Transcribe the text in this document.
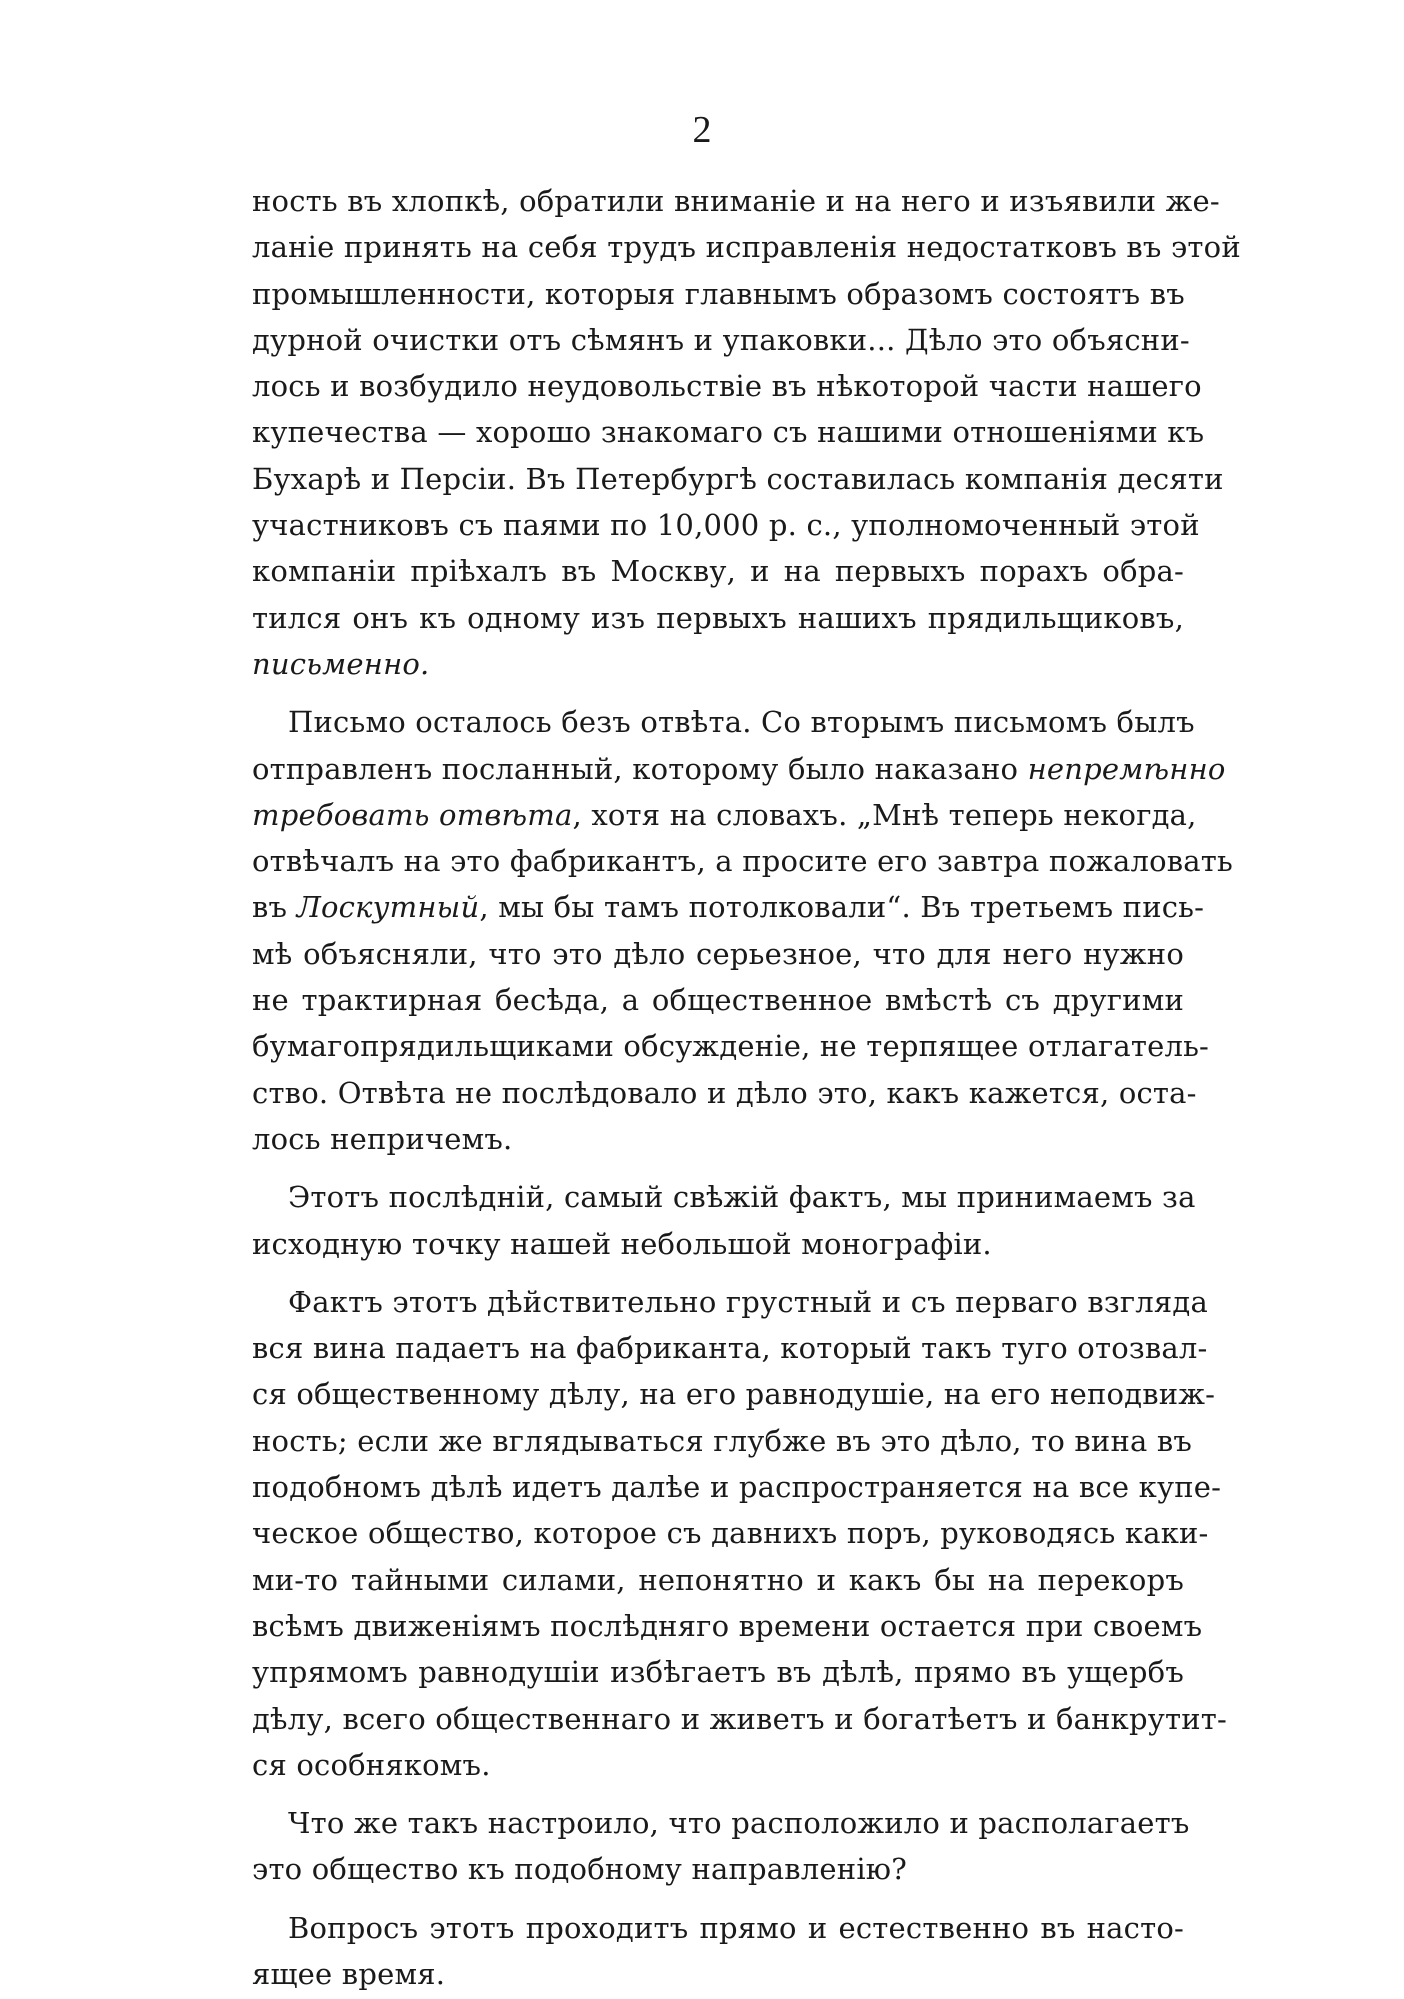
2
ность въ хлопкѣ, обратили вниманіе и на него и изъявили же-
ланіе принять на себя трудъ исправленія недостатковъ въ этой
промышленности, которыя главнымъ образомъ состоятъ въ
дурной очистки отъ сѣмянъ и упаковки... Дѣло это объясни-
лось и возбудило неудовольствіе въ нѣкоторой части нашего
купечества — хорошо знакомаго съ нашими отношеніями къ
Бухарѣ и Персіи. Въ Петербургѣ составилась компанія десяти
участниковъ съ паями по 10,000 р. с., уполномоченный этой
компаніи пріѣхалъ въ Москву, и на первыхъ порахъ обра-
тился онъ къ одному изъ первыхъ нашихъ прядильщиковъ,
письменно.
Письмо осталось безъ отвѣта. Со вторымъ письмомъ былъ
отправленъ посланный, которому было наказано непремѣнно
требовать отвѣта, хотя на словахъ. „Мнѣ теперь некогда,
отвѣчалъ на это фабрикантъ, а просите его завтра пожаловать
въ Лоскутный, мы бы тамъ потолковали“. Въ третьемъ пись-
мѣ объясняли, что это дѣло серьезное, что для него нужно
не трактирная бесѣда, а общественное вмѣстѣ съ другими
бумагопрядильщиками обсужденіе, не терпящее отлагатель-
ство. Отвѣта не послѣдовало и дѣло это, какъ кажется, оста-
лось непричемъ.
Этотъ послѣдній, самый свѣжій фактъ, мы принимаемъ за
исходную точку нашей небольшой монографіи.
Фактъ этотъ дѣйствительно грустный и съ перваго взгляда
вся вина падаетъ на фабриканта, который такъ туго отозвал-
ся общественному дѣлу, на его равнодушіе, на его неподвиж-
ность; если же вглядываться глубже въ это дѣло, то вина въ
подобномъ дѣлѣ идетъ далѣе и распространяется на все купе-
ческое общество, которое съ давнихъ поръ, руководясь каки-
ми-то тайными силами, непонятно и какъ бы на перекоръ
всѣмъ движеніямъ послѣдняго времени остается при своемъ
упрямомъ равнодушіи избѣгаетъ въ дѣлѣ, прямо въ ущербъ
дѣлу, всего общественнаго и живетъ и богатѣетъ и банкрутит-
ся особнякомъ.
Что же такъ настроило, что расположило и располагаетъ
это общество къ подобному направленію?
Вопросъ этотъ проходитъ прямо и естественно въ насто-
ящее время.
